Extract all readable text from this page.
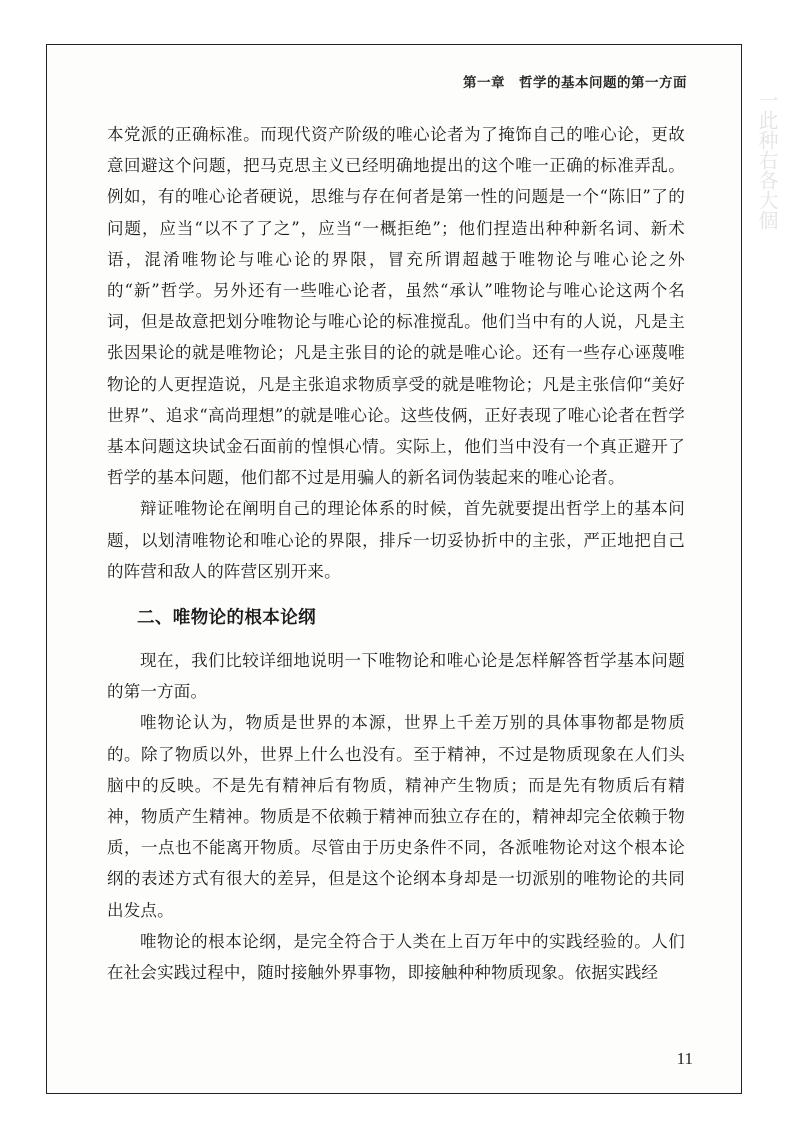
一此种右各大個
第一章　哲学的基本问题的第一方面

本党派的正确标准。而现代资产阶级的唯心论者为了掩饰自己的唯心论，更故意回避这个问题，把马克思主义已经明确地提出的这个唯一正确的标准弄乱。例如，有的唯心论者硬说，思维与存在何者是第一性的问题是一个“陈旧”了的问题，应当“以不了了之”，应当“一概拒绝”；他们捏造出种种新名词、新术语，混淆唯物论与唯心论的界限，冒充所谓超越于唯物论与唯心论之外的“新”哲学。另外还有一些唯心论者，虽然“承认”唯物论与唯心论这两个名词，但是故意把划分唯物论与唯心论的标准搅乱。他们当中有的人说，凡是主张因果论的就是唯物论；凡是主张目的论的就是唯心论。还有一些存心诬蔑唯物论的人更捏造说，凡是主张追求物质享受的就是唯物论；凡是主张信仰“美好世界”、追求“高尚理想”的就是唯心论。这些伎俩，正好表现了唯心论者在哲学基本问题这块试金石面前的惶惧心情。实际上，他们当中没有一个真正避开了哲学的基本问题，他们都不过是用骗人的新名词伪装起来的唯心论者。

辩证唯物论在阐明自己的理论体系的时候，首先就要提出哲学上的基本问题，以划清唯物论和唯心论的界限，排斥一切妥协折中的主张，严正地把自己的阵营和敌人的阵营区别开来。

二、唯物论的根本论纲

现在，我们比较详细地说明一下唯物论和唯心论是怎样解答哲学基本问题的第一方面。

唯物论认为，物质是世界的本源，世界上千差万别的具体事物都是物质的。除了物质以外，世界上什么也没有。至于精神，不过是物质现象在人们头脑中的反映。不是先有精神后有物质，精神产生物质；而是先有物质后有精神，物质产生精神。物质是不依赖于精神而独立存在的，精神却完全依赖于物质，一点也不能离开物质。尽管由于历史条件不同，各派唯物论对这个根本论纲的表述方式有很大的差异，但是这个论纲本身却是一切派别的唯物论的共同出发点。

唯物论的根本论纲，是完全符合于人类在上百万年中的实践经验的。人们在社会实践过程中，随时接触外界事物，即接触种种物质现象。依据实践经

11
